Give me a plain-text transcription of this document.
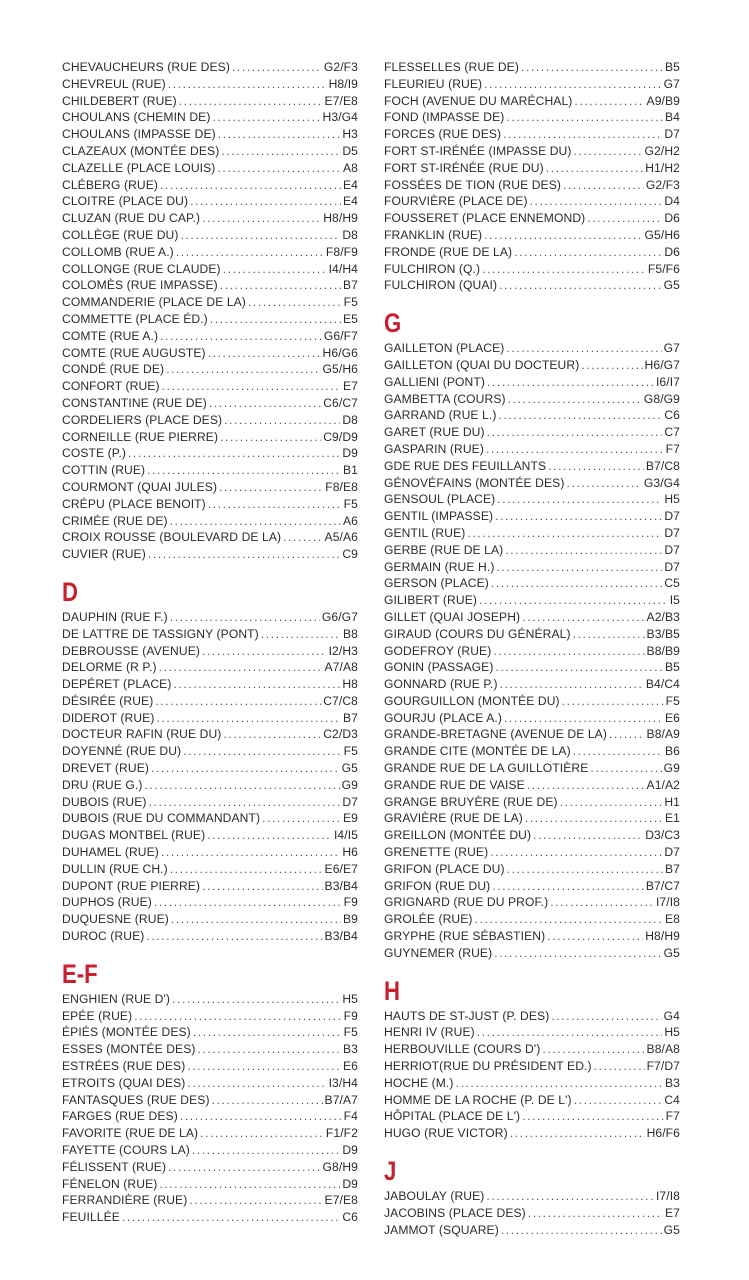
CHEVAUCHEURS (RUE DES) .....	G2/F3
CHEVREUL (RUE) .....	H8/I9
CHILDEBERT (RUE) .....	E7/E8
CHOULANS (CHEMIN DE) .....	H3/G4
CHOULANS (IMPASSE DE) .....	H3
CLAZEAUX (MONTÉE DES) .....	D5
CLAZELLE (PLACE LOUIS) .....	A8
CLÉBERG (RUE) .....	E4
CLOITRE (PLACE DU) .....	E4
CLUZAN (RUE DU CAP.) .....	H8/H9
COLLÈGE (RUE DU) .....	D8
COLLOMB (RUE A.) .....	F8/F9
COLLONGE (RUE CLAUDE) .....	I4/H4
COLOMÈS (RUE IMPASSE) .....	B7
COMMANDERIE (PLACE DE LA) .....	F5
COMMETTE (PLACE ÉD.) .....	E5
COMTE (RUE A.) .....	G6/F7
COMTE (RUE AUGUSTE) .....	H6/G6
CONDÉ (RUE DE) .....	G5/H6
CONFORT (RUE) .....	E7
CONSTANTINE (RUE DE) .....	C6/C7
CORDELIERS (PLACE DES) .....	D8
CORNEILLE (RUE PIERRE) .....	C9/D9
COSTE (P.) .....	D9
COTTIN (RUE) .....	B1
COURMONT (QUAI JULES) .....	F8/E8
CRÉPU (PLACE BENOIT) .....	F5
CRIMÉE (RUE DE) .....	A6
CROIX ROUSSE (BOULEVARD DE LA) .....	A5/A6
CUVIER (RUE) .....	C9
D
DAUPHIN (RUE F.) .....	G6/G7
DE LATTRE DE TASSIGNY (PONT) .....	B8
DEBROUSSE (AVENUE) .....	I2/H3
DELORME (R P.) .....	A7/A8
DEPÉRET (PLACE) .....	H8
DÉSIRÉE (RUE) .....	C7/C8
DIDEROT (RUE) .....	B7
DOCTEUR RAFIN (RUE DU) .....	C2/D3
DOYENNÉ (RUE DU) .....	F5
DREVET (RUE) .....	G5
DRU (RUE G.) .....	G9
DUBOIS (RUE) .....	D7
DUBOIS (RUE DU COMMANDANT) .....	E9
DUGAS MONTBEL (RUE) .....	I4/I5
DUHAMEL (RUE) .....	H6
DULLIN (RUE CH.) .....	E6/E7
DUPONT (RUE PIERRE) .....	B3/B4
DUPHOS (RUE) .....	F9
DUQUESNE (RUE) .....	B9
DUROC (RUE) .....	B3/B4
E-F
ENGHIEN (RUE D') .....	H5
EPÉE (RUE) .....	F9
ÉPIÉS (MONTÉE DES) .....	F5
ESSES (MONTÉE DES) .....	B3
ESTRÉES (RUE DES) .....	E6
ETROITS (QUAI DES) .....	I3/H4
FANTASQUES (RUE DES) .....	B7/A7
FARGES (RUE DES) .....	F4
FAVORITE (RUE DE LA) .....	F1/F2
FAYETTE (COURS LA) .....	D9
FÉLISSENT (RUE) .....	G8/H9
FÉNELON (RUE) .....	D9
FERRANDIÈRE (RUE) .....	E7/E8
FEUILLÉE .....	C6
FLESSELLES (RUE DE) .....	B5
FLEURIEU (RUE) .....	G7
FOCH (AVENUE DU MARÉCHAL) .....	A9/B9
FOND (IMPASSE DE) .....	B4
FORCES (RUE DES) .....	D7
FORT ST-IRÉNÉE (IMPASSE DU) .....	G2/H2
FORT ST-IRÉNÉE (RUE DU) .....	H1/H2
FOSSÉES DE TION (RUE DES) .....	G2/F3
FOURVIÈRE (PLACE DE) .....	D4
FOUSSERET (PLACE ENNEMOND) .....	D6
FRANKLIN (RUE) .....	G5/H6
FRONDE (RUE DE LA) .....	D6
FULCHIRON (Q.) .....	F5/F6
FULCHIRON (QUAI) .....	G5
G
GAILLETON (PLACE) .....	G7
GAILLETON (QUAI DU DOCTEUR) .....	H6/G7
GALLIENI (PONT) .....	I6/I7
GAMBETTA (COURS) .....	G8/G9
GARRAND (RUE L.) .....	C6
GARET (RUE DU) .....	C7
GASPARIN (RUE) .....	F7
GDE RUE DES FEUILLANTS .....	B7/C8
GÉNOVÉFAINS (MONTÉE DES) .....	G3/G4
GENSOUL (PLACE) .....	H5
GENTIL (IMPASSE) .....	D7
GENTIL (RUE) .....	D7
GERBE (RUE DE LA) .....	D7
GERMAIN (RUE H.) .....	D7
GERSON (PLACE) .....	C5
GILIBERT (RUE) .....	I5
GILLET (QUAI JOSEPH) .....	A2/B3
GIRAUD (COURS DU GÉNÉRAL) .....	B3/B5
GODEFROY (RUE) .....	B8/B9
GONIN (PASSAGE) .....	B5
GONNARD (RUE P.) .....	B4/C4
GOURGUILLON (MONTÉE DU) .....	F5
GOURJU (PLACE A.) .....	E6
GRANDE-BRETAGNE (AVENUE DE LA) .....	B8/A9
GRANDE CITE (MONTÉE DE LA) .....	B6
GRANDE RUE DE LA GUILLOTIÈRE .....	G9
GRANDE RUE DE VAISE .....	A1/A2
GRANGE BRUYÈRE (RUE DE) .....	H1
GRAVIÈRE (RUE DE LA) .....	E1
GREILLON (MONTÉE DU) .....	D3/C3
GRENETTE (RUE) .....	D7
GRIFON (PLACE DU) .....	B7
GRIFON (RUE DU) .....	B7/C7
GRIGNARD (RUE DU PROF.) .....	I7/I8
GROLÉE (RUE) .....	E8
GRYPHE (RUE SÉBASTIEN) .....	H8/H9
GUYNEMER (RUE) .....	G5
H
HAUTS DE ST-JUST (P. DES) .....	G4
HENRI IV (RUE) .....	H5
HERBOUVILLE (COURS D') .....	B8/A8
HERRIOT(RUE DU PRÉSIDENT ED.) .....	F7/D7
HOCHE (M.) .....	B3
HOMME DE LA ROCHE (P. DE L') .....	C4
HÔPITAL (PLACE DE L') .....	F7
HUGO (RUE VICTOR) .....	H6/F6
J
JABOULAY (RUE) .....	I7/I8
JACOBINS (PLACE DES) .....	E7
JAMMOT (SQUARE) .....	G5
